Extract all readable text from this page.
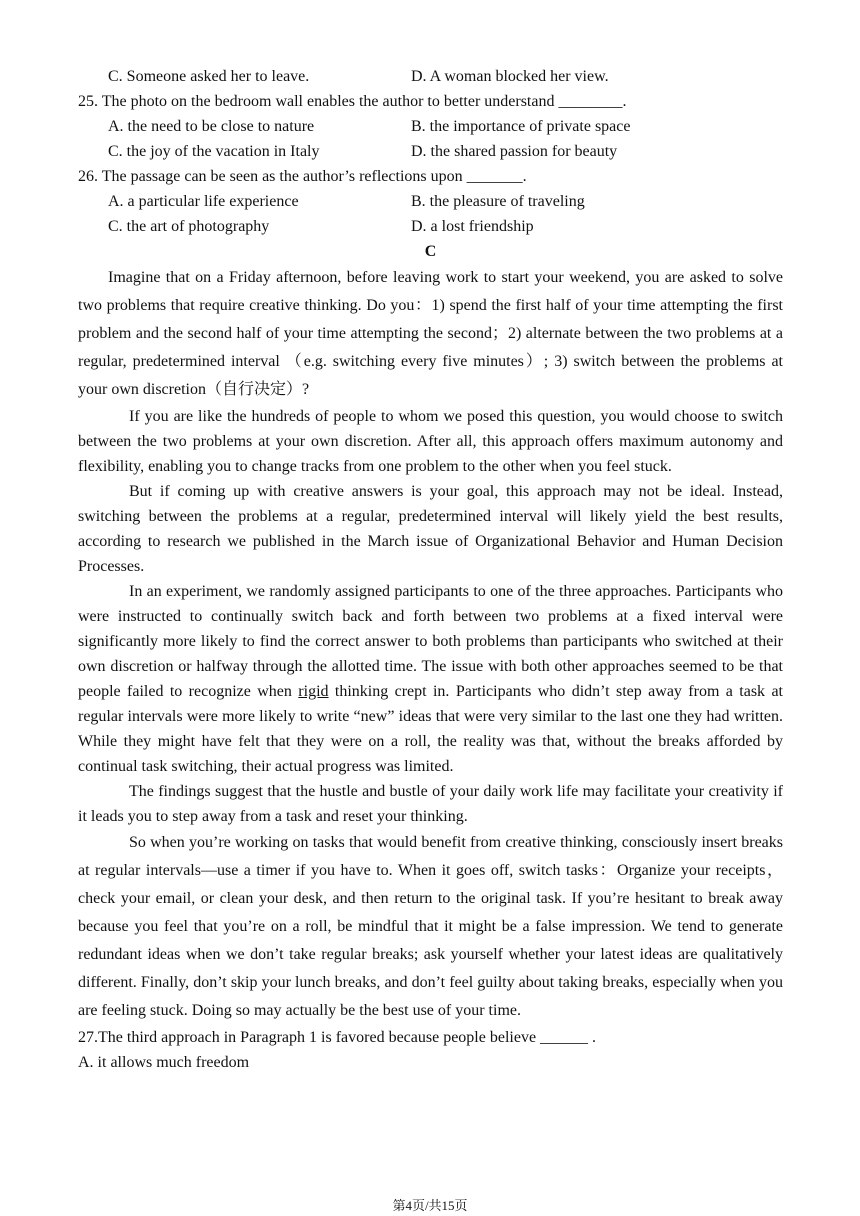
C. Someone asked her to leave.	D. A woman blocked her view.
25. The photo on the bedroom wall enables the author to better understand ________.
A. the need to be close to nature	B. the importance of private space
C. the joy of the vacation in Italy	D. the shared passion for beauty
26. The passage can be seen as the author’s reflections upon _______.
A. a particular life experience	B. the pleasure of traveling
C. the art of photography	D. a lost friendship
C

Imagine that on a Friday afternoon, before leaving work to start your weekend, you are asked to solve two problems that require creative thinking. Do you：1) spend the first half of your time attempting the first problem and the second half of your time attempting the second；2) alternate between the two problems at a regular, predetermined interval （e.g. switching every five minutes）; 3) switch between the problems at your own discretion（自行决定）?

If you are like the hundreds of people to whom we posed this question, you would choose to switch between the two problems at your own discretion. After all, this approach offers maximum autonomy and flexibility, enabling you to change tracks from one problem to the other when you feel stuck.

But if coming up with creative answers is your goal, this approach may not be ideal. Instead, switching between the problems at a regular, predetermined interval will likely yield the best results, according to research we published in the March issue of Organizational Behavior and Human Decision Processes.

In an experiment, we randomly assigned participants to one of the three approaches. Participants who were instructed to continually switch back and forth between two problems at a fixed interval were significantly more likely to find the correct answer to both problems than participants who switched at their own discretion or halfway through the allotted time. The issue with both other approaches seemed to be that people failed to recognize when rigid thinking crept in. Participants who didn’t step away from a task at regular intervals were more likely to write “new” ideas that were very similar to the last one they had written. While they might have felt that they were on a roll, the reality was that, without the breaks afforded by continual task switching, their actual progress was limited.

The findings suggest that the hustle and bustle of your daily work life may facilitate your creativity if it leads you to step away from a task and reset your thinking.

So when you’re working on tasks that would benefit from creative thinking, consciously insert breaks at regular intervals—use a timer if you have to. When it goes off, switch tasks：Organize your receipts，check your email, or clean your desk, and then return to the original task. If you’re hesitant to break away because you feel that you’re on a roll, be mindful that it might be a false impression. We tend to generate redundant ideas when we don’t take regular breaks; ask yourself whether your latest ideas are qualitatively different. Finally, don’t skip your lunch breaks, and don’t feel guilty about taking breaks, especially when you are feeling stuck. Doing so may actually be the best use of your time.

27.The third approach in Paragraph 1 is favored because people believe ______ .
A. it allows much freedom
第4页/共15页
